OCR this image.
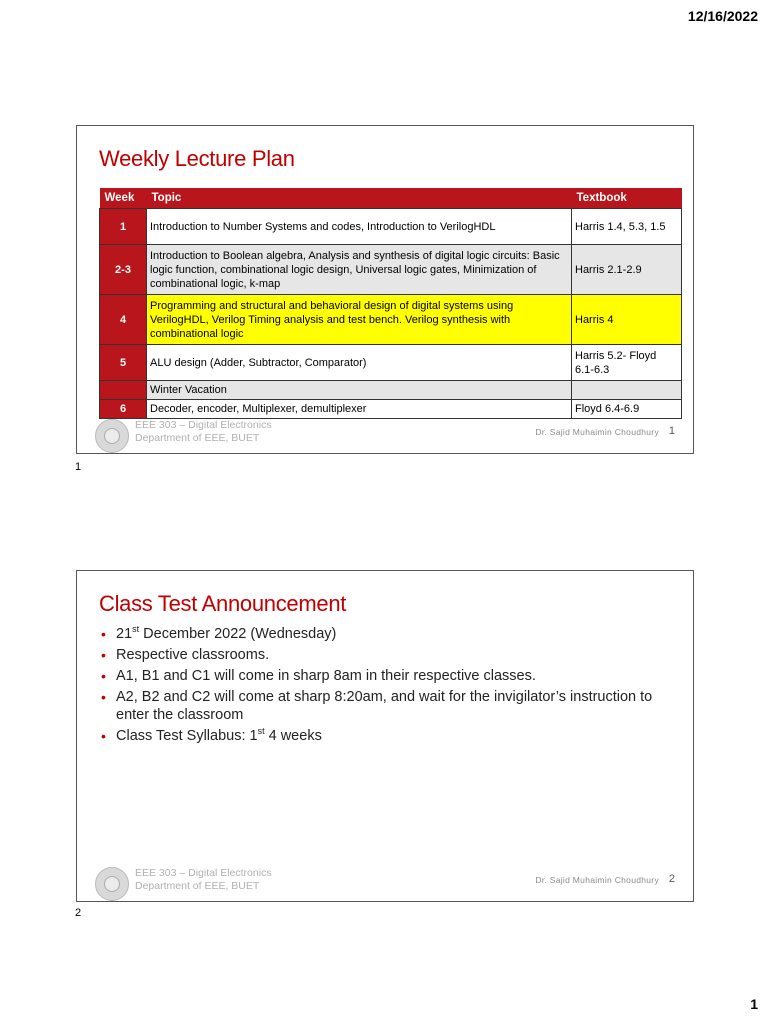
12/16/2022
Weekly Lecture Plan
Week	Topic	Textbook
1	Introduction to Number Systems and codes, Introduction to VerilogHDL	Harris 1.4, 5.3, 1.5
2-3	Introduction to Boolean algebra, Analysis and synthesis of digital logic circuits: Basic logic function, combinational logic design, Universal logic gates, Minimization of combinational logic, k-map	Harris 2.1-2.9
4	Programming and structural and behavioral design of digital systems using VerilogHDL, Verilog Timing analysis and test bench. Verilog synthesis with combinational logic	Harris 4
5	ALU design (Adder, Subtractor, Comparator)	Harris 5.2- Floyd 6.1-6.3
	Winter Vacation	
6	Decoder, encoder, Multiplexer, demultiplexer	Floyd 6.4-6.9
EEE 303 – Digital Electronics
Department of EEE, BUET	Dr. Sajid Muhaimin Choudhury 1
1
Class Test Announcement
• 21st December 2022 (Wednesday)
• Respective classrooms.
• A1, B1 and C1 will come in sharp 8am in their respective classes.
• A2, B2 and C2 will come at sharp 8:20am, and wait for the invigilator’s instruction to enter the classroom
• Class Test Syllabus: 1st 4 weeks
EEE 303 – Digital Electronics
Department of EEE, BUET	Dr. Sajid Muhaimin Choudhury 2
2
1
